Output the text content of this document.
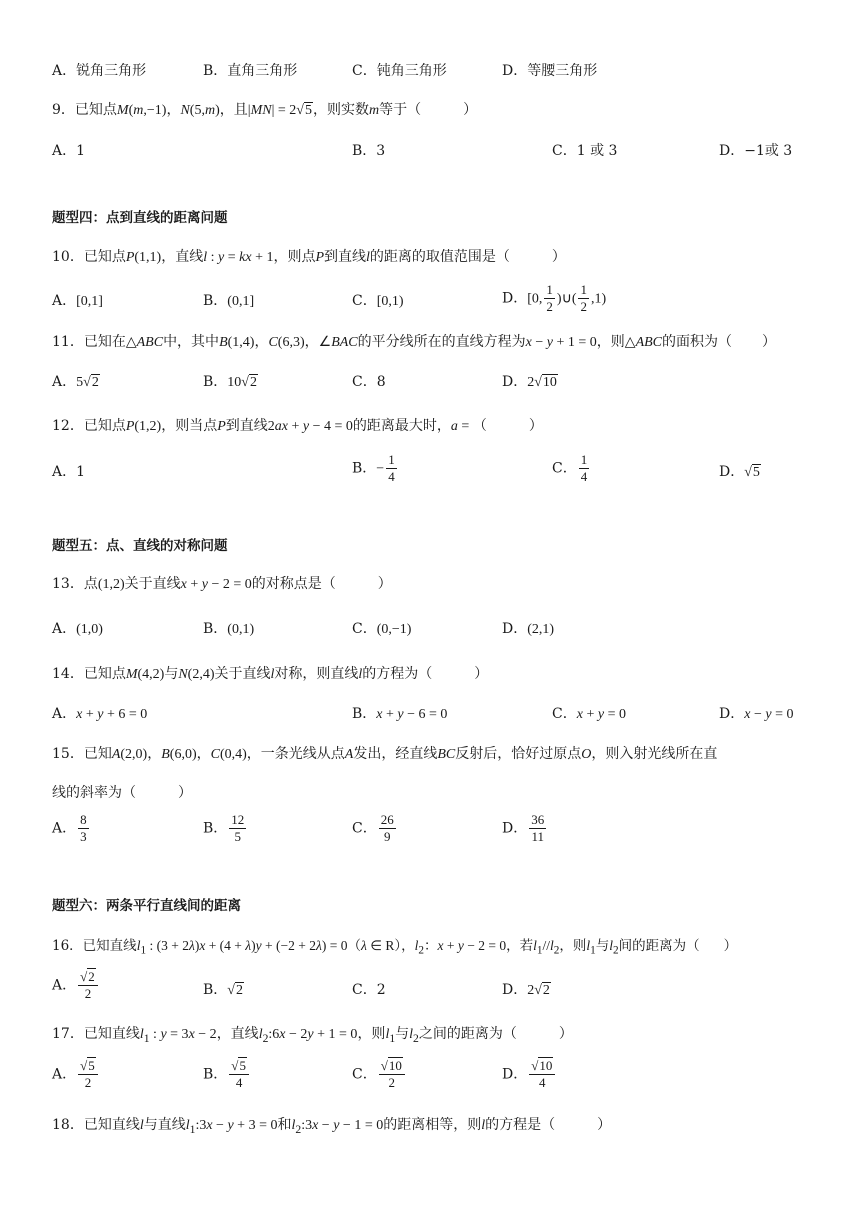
A．锐角三角形	B．直角三角形	C．钝角三角形	D．等腰三角形
9．已知点M(m,−1)，N(5,m)，且|MN| = 2√5，则实数m等于（	）
A．1	B．3	C．1 或 3	D．−1或 3
题型四：点到直线的距离问题
10．已知点P(1,1)，直线l : y = kx + 1，则点P到直线l的距离的取值范围是（	）
A．[0,1]	B．(0,1]	C．[0,1)	D．[0, $\frac{1}{2}$ )∪( $\frac{1}{2} ,1$)
11．已知在△ABC中，其中B(1,4)，C(6,3)，∠BAC的平分线所在的直线方程为x − y + 1 = 0，则△ABC的面积为（ ）
A．5√2	B．10√2	C．8	D．2√10
12．已知点P(1,2)，则当点P到直线2ax + y − 4 = 0的距离最大时，a = （	）
A．1	B．− $\frac{1}{4}$	C． $\frac{1}{4}$	D．√5
题型五：点、直线的对称问题
13．点(1,2)关于直线x + y − 2 = 0的对称点是（	）
A．(1,0)	B．(0,1)	C．(0,−1)	D．(2,1)
14．已知点M(4,2)与N(2,4)关于直线l对称，则直线l的方程为（	）
A．x + y + 6 = 0	B．x + y − 6 = 0	C．x + y = 0	D．x − y = 0
15．已知A(2,0)，B(6,0)，C(0,4)，一条光线从点A发出，经直线BC反射后，恰好过原点O，则入射光线所在直
线的斜率为（	）
A． $\frac{8}{3}$	B． $\frac{12}{5}$	C． $\frac{26}{9}$	D． $\frac{36}{11}$
题型六：两条平行直线间的距离
16．已知直线$l_1$ : (3 + 2λ)x + (4 + λ)y + (−2 + 2λ) = 0（λ ∈ R），$l_2$：x + y − 2 = 0，若$l_1//l_2$，则$l_1$与$l_2$间的距离为（ ）
A． $\frac{√2}{2}$	B．√2	C．2	D．2√2
17．已知直线$l_1$ : y = 3x − 2，直线$l_2:6x - 2y + 1 = 0$，则$l_1$与$l_2$之间的距离为（	）
A． $\frac{√5}{2}$	B． $\frac{√5}{4}$	C． $\frac{√10}{2}$	D． $\frac{√10}{4}$
18．已知直线l与直线$l_1:3x - y + 3 = 0$和$l_2:3x - y - 1 = 0$的距离相等，则l的方程是（	）
